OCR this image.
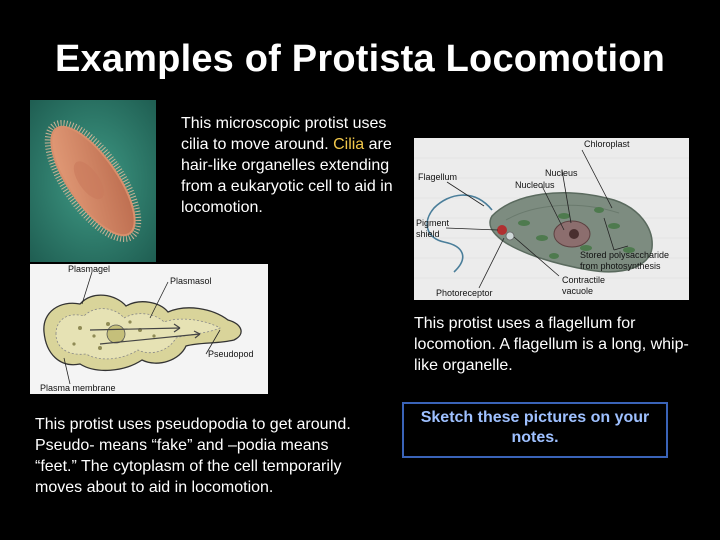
Examples of Protista Locomotion
This microscopic protist uses cilia to move around. Cilia are hair-like organelles extending from a eukaryotic cell to aid in locomotion.
Chloroplast
Flagellum	Nucleus
Nucleolus
Pigment
shield
Stored polysaccharide
from photosynthesis
Contractile
vacuole
Photoreceptor
This protist uses a flagellum for locomotion. A flagellum is a long, whip-like organelle.
Plasmagel
Plasmasol
Pseudopod
Plasma membrane
This protist uses pseudopodia to get around. Pseudo- means “fake” and –podia means “feet.” The cytoplasm of the cell temporarily moves about to aid in locomotion.
Sketch these pictures on your notes.
